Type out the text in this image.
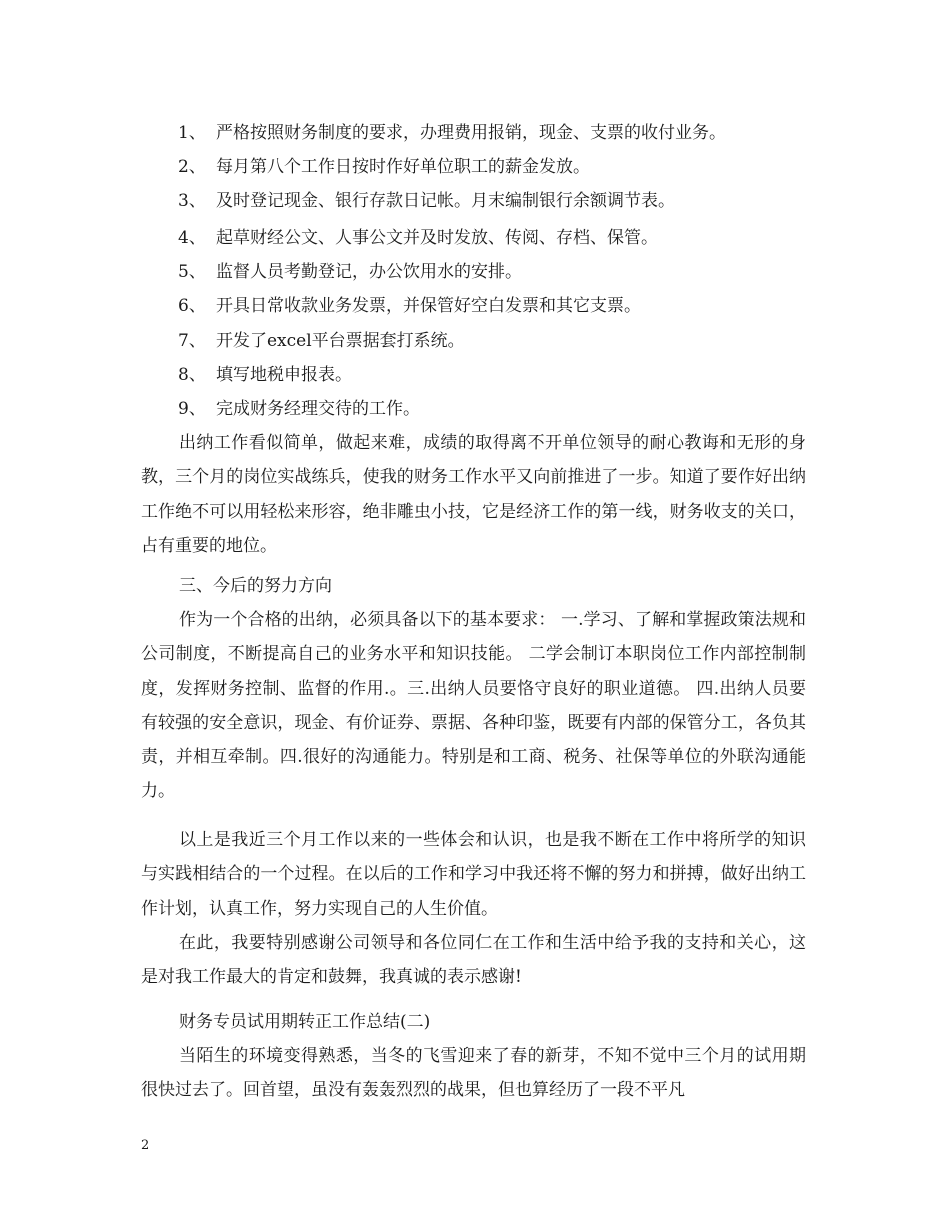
1、 严格按照财务制度的要求，办理费用报销，现金、支票的收付业务。
2、 每月第八个工作日按时作好单位职工的薪金发放。
3、 及时登记现金、银行存款日记帐。月末编制银行余额调节表。
4、 起草财经公文、人事公文并及时发放、传阅、存档、保管。
5、 监督人员考勤登记，办公饮用水的安排。
6、 开具日常收款业务发票，并保管好空白发票和其它支票。
7、 开发了excel平台票据套打系统。
8、 填写地税申报表。
9、 完成财务经理交待的工作。

出纳工作看似简单，做起来难，成绩的取得离不开单位领导的耐心教诲和无形的身教，三个月的岗位实战练兵，使我的财务工作水平又向前推进了一步。知道了要作好出纳工作绝不可以用轻松来形容，绝非雕虫小技，它是经济工作的第一线，财务收支的关口，占有重要的地位。

三、今后的努力方向

作为一个合格的出纳，必须具备以下的基本要求： 一.学习、了解和掌握政策法规和公司制度，不断提高自己的业务水平和知识技能。 二学会制订本职岗位工作内部控制制度，发挥财务控制、监督的作用.。三.出纳人员要恪守良好的职业道德。 四.出纳人员要有较强的安全意识，现金、有价证券、票据、各种印鉴，既要有内部的保管分工，各负其责，并相互牵制。四.很好的沟通能力。特别是和工商、税务、社保等单位的外联沟通能力。

以上是我近三个月工作以来的一些体会和认识，也是我不断在工作中将所学的知识与实践相结合的一个过程。在以后的工作和学习中我还将不懈的努力和拼搏，做好出纳工作计划，认真工作，努力实现自己的人生价值。

在此，我要特别感谢公司领导和各位同仁在工作和生活中给予我的支持和关心，这是对我工作最大的肯定和鼓舞，我真诚的表示感谢!

财务专员试用期转正工作总结(二)

当陌生的环境变得熟悉，当冬的飞雪迎来了春的新芽，不知不觉中三个月的试用期很快过去了。回首望，虽没有轰轰烈烈的战果，但也算经历了一段不平凡

2
